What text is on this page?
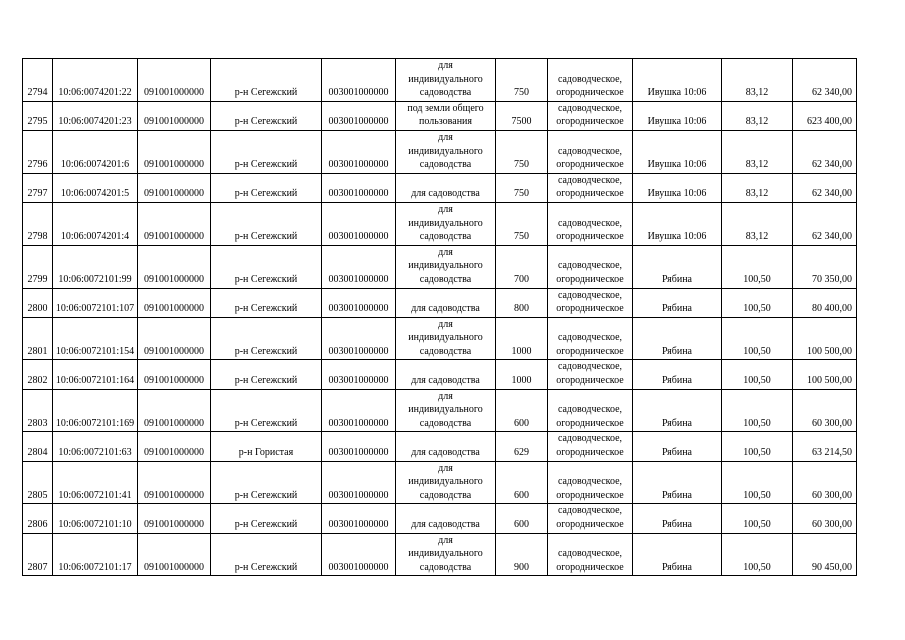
2794	10:06:0074201:22	091001000000	р-н Сегежский	003001000000	для
индивидуального
садоводства	750	садоводческое,
огородническое	Ивушка 10:06	83,12	62 340,00
2795	10:06:0074201:23	091001000000	р-н Сегежский	003001000000	под земли общего
пользования	7500	садоводческое,
огородническое	Ивушка 10:06	83,12	623 400,00
2796	10:06:0074201:6	091001000000	р-н Сегежский	003001000000	для
индивидуального
садоводства	750	садоводческое,
огородническое	Ивушка 10:06	83,12	62 340,00
2797	10:06:0074201:5	091001000000	р-н Сегежский	003001000000	для садоводства	750	садоводческое,
огородническое	Ивушка 10:06	83,12	62 340,00
2798	10:06:0074201:4	091001000000	р-н Сегежский	003001000000	для
индивидуального
садоводства	750	садоводческое,
огородническое	Ивушка 10:06	83,12	62 340,00
2799	10:06:0072101:99	091001000000	р-н Сегежский	003001000000	для
индивидуального
садоводства	700	садоводческое,
огородническое	Рябина	100,50	70 350,00
2800	10:06:0072101:107	091001000000	р-н Сегежский	003001000000	для садоводства	800	садоводческое,
огородническое	Рябина	100,50	80 400,00
2801	10:06:0072101:154	091001000000	р-н Сегежский	003001000000	для
индивидуального
садоводства	1000	садоводческое,
огородническое	Рябина	100,50	100 500,00
2802	10:06:0072101:164	091001000000	р-н Сегежский	003001000000	для садоводства	1000	садоводческое,
огородническое	Рябина	100,50	100 500,00
2803	10:06:0072101:169	091001000000	р-н Сегежский	003001000000	для
индивидуального
садоводства	600	садоводческое,
огородническое	Рябина	100,50	60 300,00
2804	10:06:0072101:63	091001000000	р-н Гористая	003001000000	для садоводства	629	садоводческое,
огородническое	Рябина	100,50	63 214,50
2805	10:06:0072101:41	091001000000	р-н Сегежский	003001000000	для
индивидуального
садоводства	600	садоводческое,
огородническое	Рябина	100,50	60 300,00
2806	10:06:0072101:10	091001000000	р-н Сегежский	003001000000	для садоводства	600	садоводческое,
огородническое	Рябина	100,50	60 300,00
2807	10:06:0072101:17	091001000000	р-н Сегежский	003001000000	для
индивидуального
садоводства	900	садоводческое,
огородническое	Рябина	100,50	90 450,00
